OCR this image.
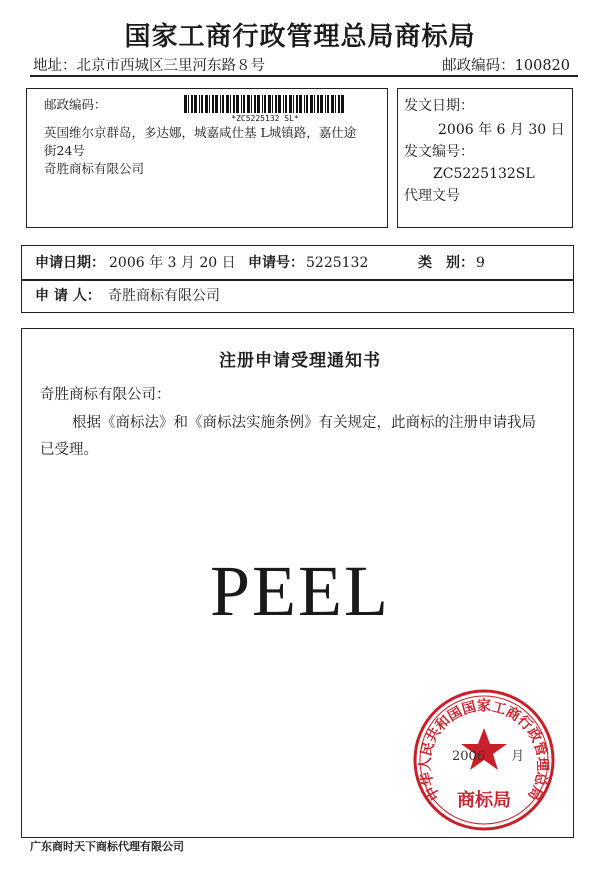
国家工商行政管理总局商标局
地址：北京市西城区三里河东路８号	邮政编码：100820
邮政编码：
*ZC5225132 SL*
英国维尔京群岛，多达娜，城嘉咸仕基 L城镇路，嘉仕途
街24号
奇胜商标有限公司
发文日期：
2006 年 6 月 30 日
发文编号：
ZC5225132SL
代理文号
申请日期： 2006 年 3 月 20 日 申请号： 5225132	类　别： 9
申 请 人： 奇胜商标有限公司
注册申请受理通知书
奇胜商标有限公司：
根据《商标法》和《商标法实施条例》有关规定，此商标的注册申请我局
已受理。
PEEL
中华人民共和国国家工商行政管理总局
商标局
2006　　月
广东商时天下商标代理有限公司
